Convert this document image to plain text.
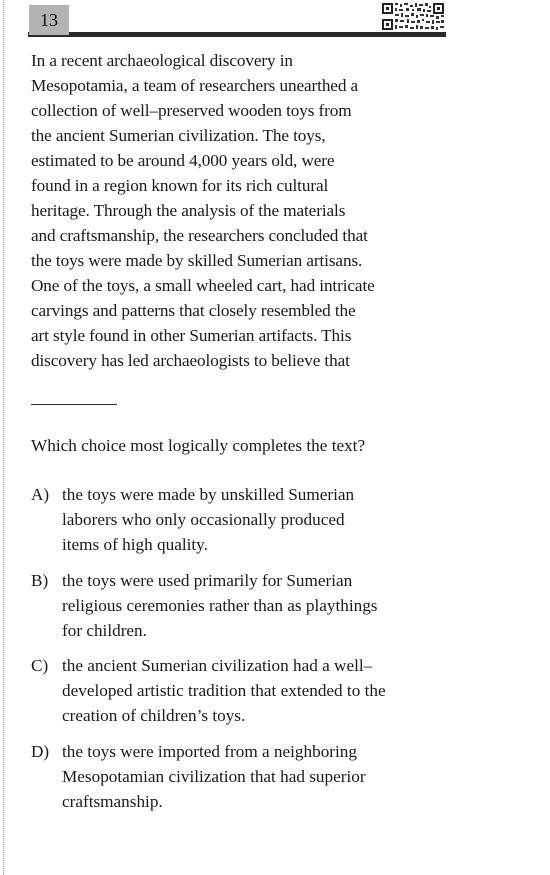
13

In a recent archaeological discovery in
Mesopotamia, a team of researchers unearthed a
collection of well–preserved wooden toys from
the ancient Sumerian civilization. The toys,
estimated to be around 4,000 years old, were
found in a region known for its rich cultural
heritage. Through the analysis of the materials
and craftsmanship, the researchers concluded that
the toys were made by skilled Sumerian artisans.
One of the toys, a small wheeled cart, had intricate
carvings and patterns that closely resembled the
art style found in other Sumerian artifacts. This
discovery has led archaeologists to believe that

Which choice most logically completes the text?

A) the toys were made by unskilled Sumerian
laborers who only occasionally produced
items of high quality.
B) the toys were used primarily for Sumerian
religious ceremonies rather than as playthings
for children.
C) the ancient Sumerian civilization had a well–
developed artistic tradition that extended to the
creation of children’s toys.
D) the toys were imported from a neighboring
Mesopotamian civilization that had superior
craftsmanship.
